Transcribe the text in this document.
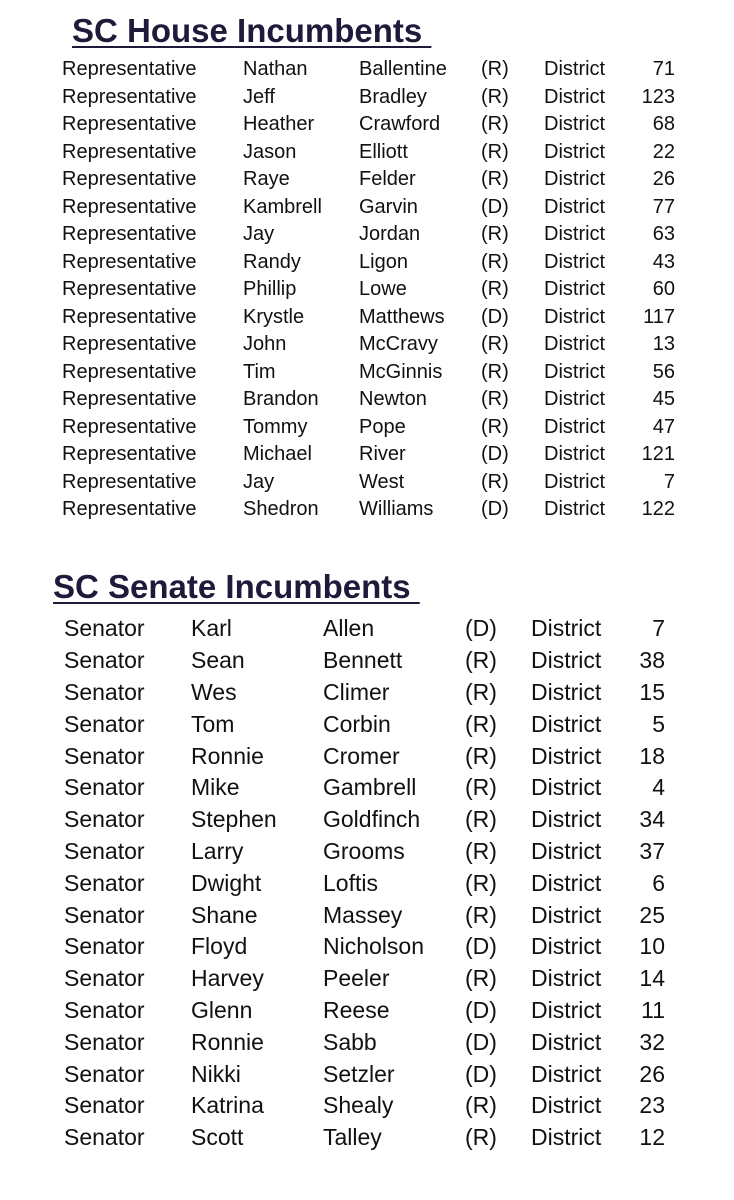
SC House Incumbents
Representative	Nathan	Ballentine	(R)	District	71
Representative	Jeff	Bradley	(R)	District	123
Representative	Heather	Crawford	(R)	District	68
Representative	Jason	Elliott	(R)	District	22
Representative	Raye	Felder	(R)	District	26
Representative	Kambrell	Garvin	(D)	District	77
Representative	Jay	Jordan	(R)	District	63
Representative	Randy	Ligon	(R)	District	43
Representative	Phillip	Lowe	(R)	District	60
Representative	Krystle	Matthews	(D)	District	117
Representative	John	McCravy	(R)	District	13
Representative	Tim	McGinnis	(R)	District	56
Representative	Brandon	Newton	(R)	District	45
Representative	Tommy	Pope	(R)	District	47
Representative	Michael	River	(D)	District	121
Representative	Jay	West	(R)	District	7
Representative	Shedron	Williams	(D)	District	122
SC Senate Incumbents
Senator	Karl	Allen	(D)	District	7
Senator	Sean	Bennett	(R)	District	38
Senator	Wes	Climer	(R)	District	15
Senator	Tom	Corbin	(R)	District	5
Senator	Ronnie	Cromer	(R)	District	18
Senator	Mike	Gambrell	(R)	District	4
Senator	Stephen	Goldfinch	(R)	District	34
Senator	Larry	Grooms	(R)	District	37
Senator	Dwight	Loftis	(R)	District	6
Senator	Shane	Massey	(R)	District	25
Senator	Floyd	Nicholson	(D)	District	10
Senator	Harvey	Peeler	(R)	District	14
Senator	Glenn	Reese	(D)	District	11
Senator	Ronnie	Sabb	(D)	District	32
Senator	Nikki	Setzler	(D)	District	26
Senator	Katrina	Shealy	(R)	District	23
Senator	Scott	Talley	(R)	District	12
